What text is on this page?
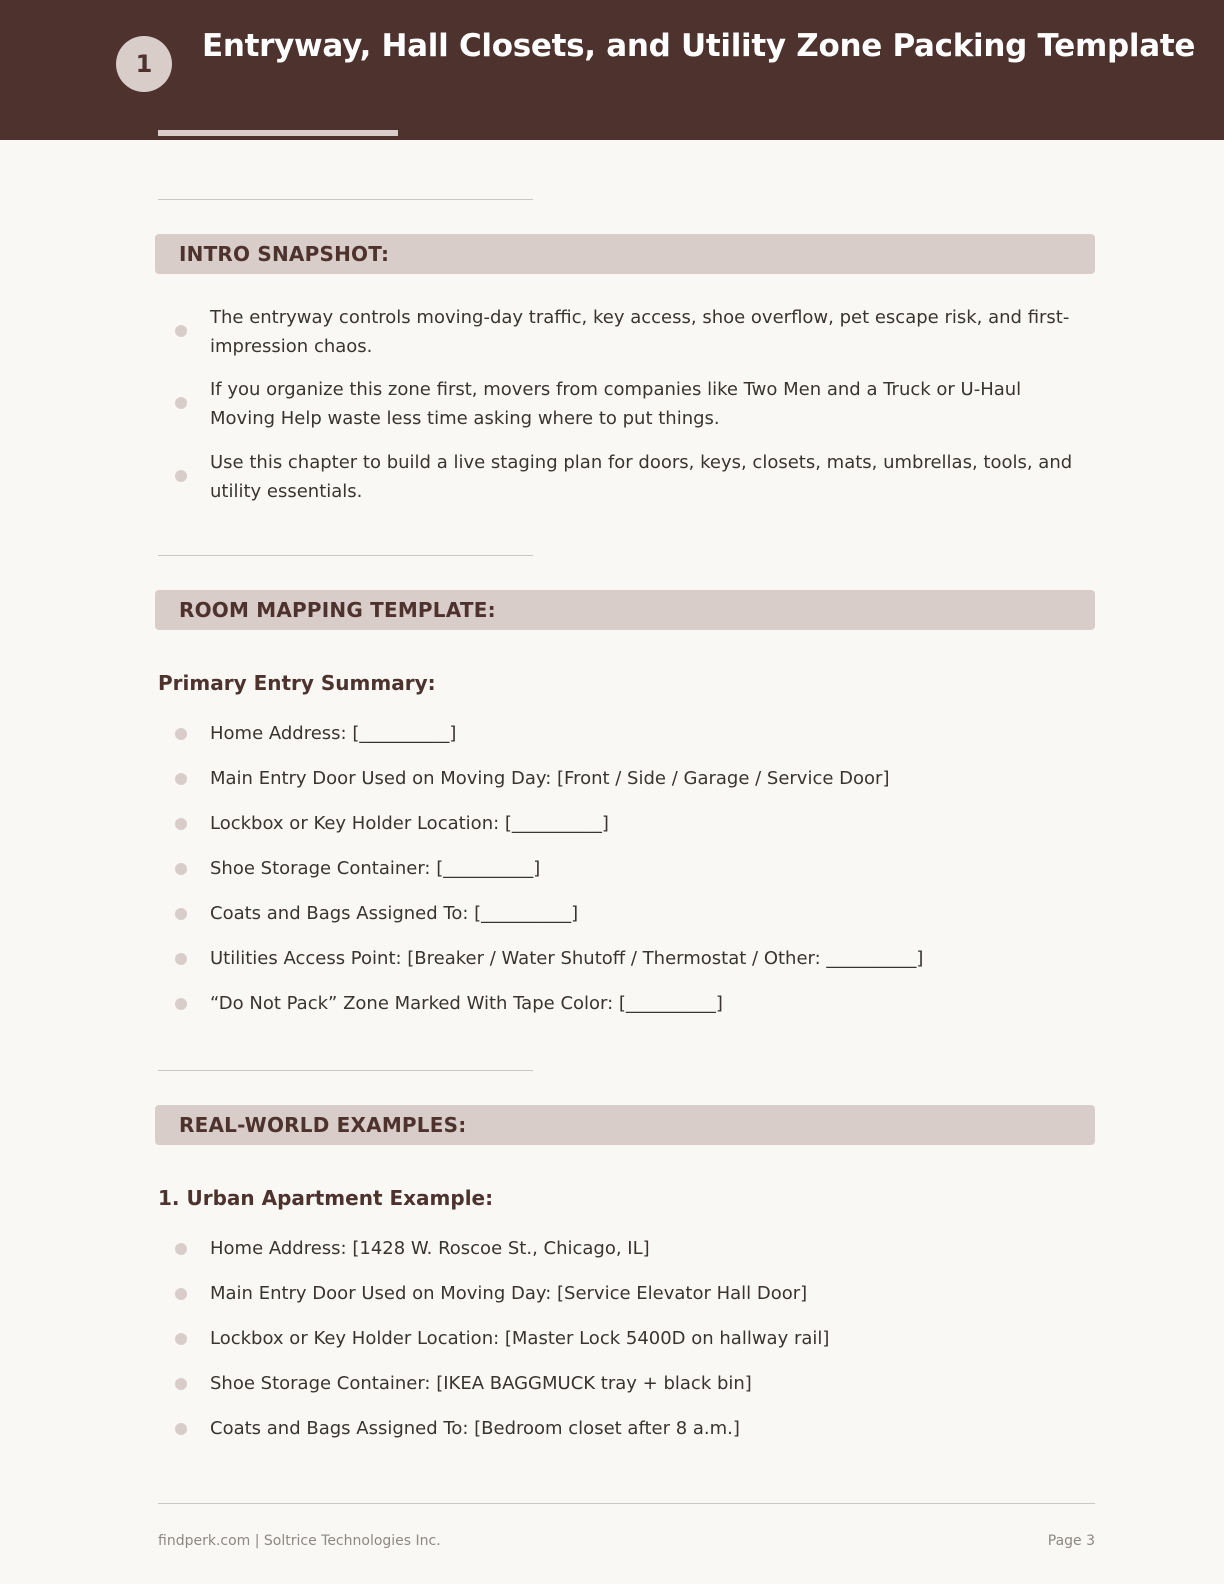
1	Entryway, Hall Closets, and Utility Zone Packing Template
INTRO SNAPSHOT:
The entryway controls moving-day traffic, key access, shoe overflow, pet escape risk, and first-impression chaos.
If you organize this zone first, movers from companies like Two Men and a Truck or U-Haul Moving Help waste less time asking where to put things.
Use this chapter to build a live staging plan for doors, keys, closets, mats, umbrellas, tools, and utility essentials.
ROOM MAPPING TEMPLATE:
Primary Entry Summary:
Home Address: [__________]
Main Entry Door Used on Moving Day: [Front / Side / Garage / Service Door]
Lockbox or Key Holder Location: [__________]
Shoe Storage Container: [__________]
Coats and Bags Assigned To: [__________]
Utilities Access Point: [Breaker / Water Shutoff / Thermostat / Other: __________]
“Do Not Pack” Zone Marked With Tape Color: [__________]
REAL-WORLD EXAMPLES:
1. Urban Apartment Example:
Home Address: [1428 W. Roscoe St., Chicago, IL]
Main Entry Door Used on Moving Day: [Service Elevator Hall Door]
Lockbox or Key Holder Location: [Master Lock 5400D on hallway rail]
Shoe Storage Container: [IKEA BAGGMUCK tray + black bin]
Coats and Bags Assigned To: [Bedroom closet after 8 a.m.]
findperk.com | Soltrice Technologies Inc.	Page 3
